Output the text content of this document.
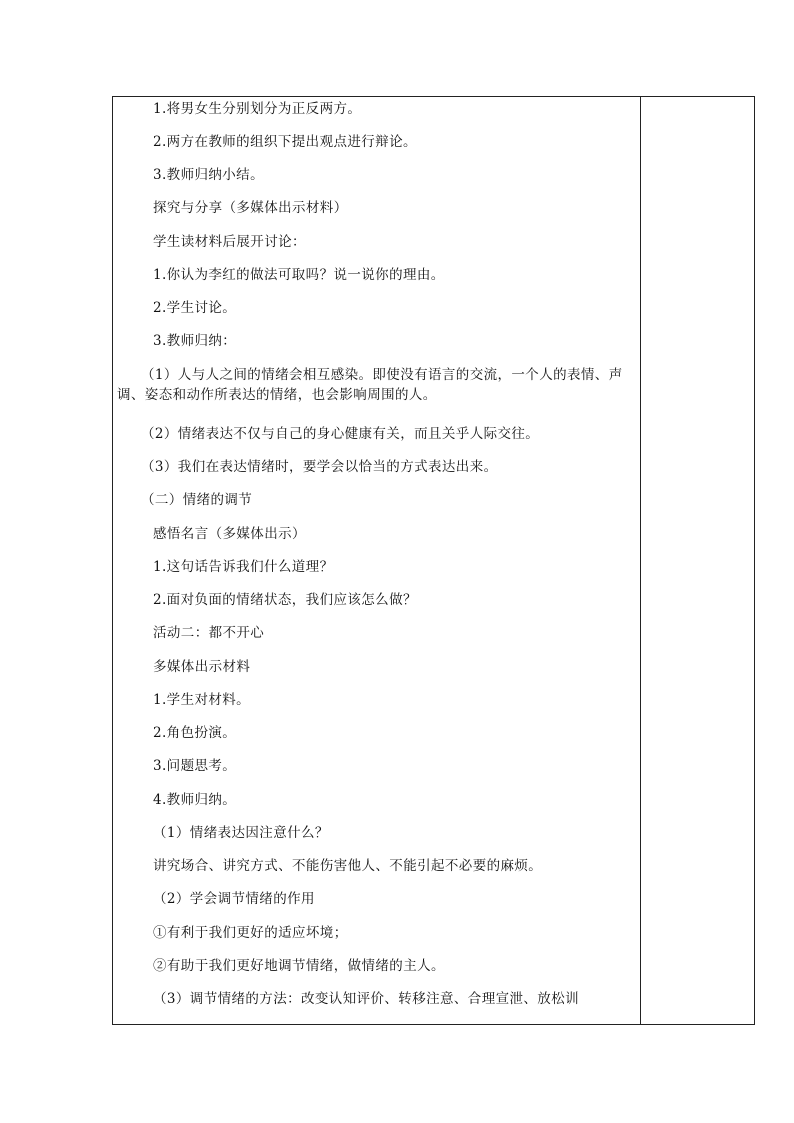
1.将男女生分别划分为正反两方。
2.两方在教师的组织下提出观点进行辩论。
3.教师归纳小结。
探究与分享（多媒体出示材料）
学生读材料后展开讨论：
1.你认为李红的做法可取吗？说一说你的理由。
2.学生讨论。
3.教师归纳：
（1）人与人之间的情绪会相互感染。即使没有语言的交流，一个人的表情、声调、姿态和动作所表达的情绪，也会影响周围的人。
（2）情绪表达不仅与自己的身心健康有关，而且关乎人际交往。
（3）我们在表达情绪时，要学会以恰当的方式表达出来。
（二）情绪的调节
感悟名言（多媒体出示）
1.这句话告诉我们什么道理？
2.面对负面的情绪状态，我们应该怎么做？
活动二：都不开心
多媒体出示材料
1.学生对材料。
2.角色扮演。
3.问题思考。
4.教师归纳。
（1）情绪表达因注意什么？
讲究场合、讲究方式、不能伤害他人、不能引起不必要的麻烦。
（2）学会调节情绪的作用
①有利于我们更好的适应坏境；
②有助于我们更好地调节情绪，做情绪的主人。
（3）调节情绪的方法：改变认知评价、转移注意、合理宣泄、放松训
